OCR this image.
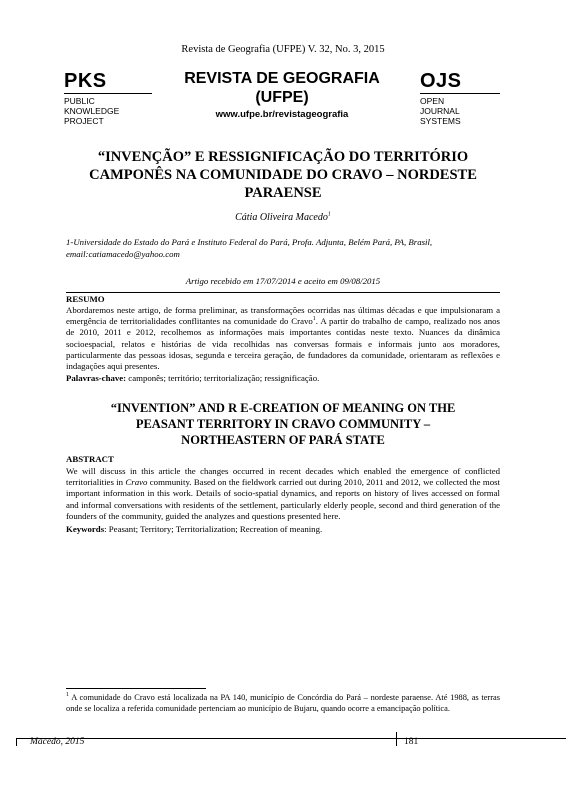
Revista de Geografia (UFPE) V. 32, No. 3, 2015
PKS
PUBLIC
KNOWLEDGE
PROJECT
REVISTA DE GEOGRAFIA
(UFPE)
www.ufpe.br/revistageografia
OJS
OPEN
JOURNAL
SYSTEMS
“INVENÇÃO” E RESSIGNIFICAÇÃO DO TERRITÓRIO
CAMPONÊS NA COMUNIDADE DO CRAVO – NORDESTE
PARAENSE
Cátia Oliveira Macedo$^1$
1-Universidade do Estado do Pará e Instituto Federal do Pará, Profa. Adjunta, Belém Pará, PA, Brasil, email:catiamacedo@yahoo.com
Artigo recebido em 17/07/2014 e aceito em 09/08/2015
RESUMO
Abordaremos neste artigo, de forma preliminar, as transformações ocorridas nas últimas décadas e que impulsionaram a emergência de territorialidades conflitantes na comunidade do Cravo$^1$. A partir do trabalho de campo, realizado nos anos de 2010, 2011 e 2012, recolhemos as informações mais importantes contidas neste texto. Nuances da dinâmica socioespacial, relatos e histórias de vida recolhidas nas conversas formais e informais junto aos moradores, particularmente das pessoas idosas, segunda e terceira geração, de fundadores da comunidade, orientaram as reflexões e indagações aqui presentes.
Palavras-chave: camponês; território; territorialização; ressignificação.
“INVENTION” AND R E-CREATION OF MEANING ON THE
PEASANT TERRITORY IN CRAVO COMMUNITY –
NORTHEASTERN OF PARÁ STATE
ABSTRACT
We will discuss in this article the changes occurred in recent decades which enabled the emergence of conflicted territorialities in Cravo community. Based on the fieldwork carried out during 2010, 2011 and 2012, we collected the most important information in this work. Details of socio-spatial dynamics, and reports on history of lives accessed on formal and informal conversations with residents of the settlement, particularly elderly people, second and third generation of the founders of the community, guided the analyzes and questions presented here.
Keywords: Peasant; Territory; Territorialization; Recreation of meaning.
$^1$ A comunidade do Cravo está localizada na PA 140, município de Concórdia do Pará – nordeste paraense. Até 1988, as terras onde se localiza a referida comunidade pertenciam ao município de Bujaru, quando ocorre a emancipação política.
Macedo, 2015	181
